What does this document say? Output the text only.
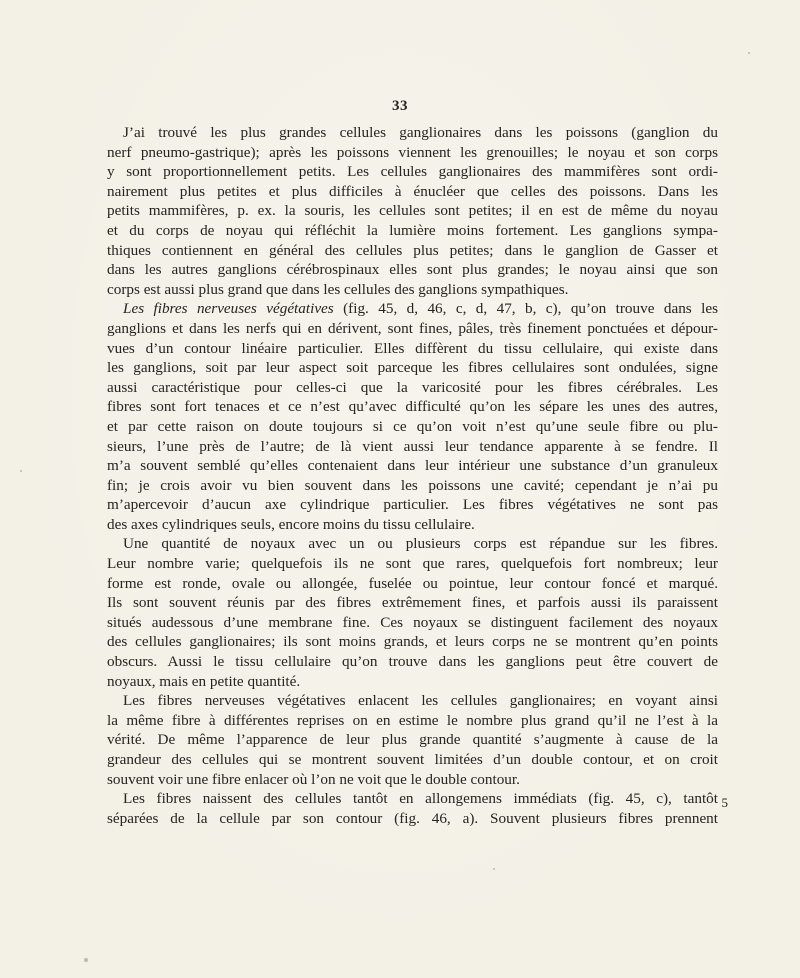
33
J’ai trouvé les plus grandes cellules ganglionaires dans les poissons (ganglion du
nerf pneumo-gastrique); après les poissons viennent les grenouilles; le noyau et son corps
y sont proportionnellement petits. Les cellules ganglionaires des mammifères sont ordi-
nairement plus petites et plus difficiles à énucléer que celles des poissons. Dans les
petits mammifères, p. ex. la souris, les cellules sont petites; il en est de même du noyau
et du corps de noyau qui réfléchit la lumière moins fortement. Les ganglions sympa-
thiques contiennent en général des cellules plus petites; dans le ganglion de Gasser et
dans les autres ganglions cérébrospinaux elles sont plus grandes; le noyau ainsi que son
corps est aussi plus grand que dans les cellules des ganglions sympathiques.
Les fibres nerveuses végétatives (fig. 45, d, 46, c, d, 47, b, c), qu’on trouve dans les
ganglions et dans les nerfs qui en dérivent, sont fines, pâles, très finement ponctuées et dépour-
vues d’un contour linéaire particulier. Elles diffèrent du tissu cellulaire, qui existe dans
les ganglions, soit par leur aspect soit parceque les fibres cellulaires sont ondulées, signe
aussi caractéristique pour celles-ci que la varicosité pour les fibres cérébrales. Les
fibres sont fort tenaces et ce n’est qu’avec difficulté qu’on les sépare les unes des autres,
et par cette raison on doute toujours si ce qu’on voit n’est qu’une seule fibre ou plu-
sieurs, l’une près de l’autre; de là vient aussi leur tendance apparente à se fendre. Il
m’a souvent semblé qu’elles contenaient dans leur intérieur une substance d’un granuleux
fin; je crois avoir vu bien souvent dans les poissons une cavité; cependant je n’ai pu
m’apercevoir d’aucun axe cylindrique particulier. Les fibres végétatives ne sont pas
des axes cylindriques seuls, encore moins du tissu cellulaire.
Une quantité de noyaux avec un ou plusieurs corps est répandue sur les fibres.
Leur nombre varie; quelquefois ils ne sont que rares, quelquefois fort nombreux; leur
forme est ronde, ovale ou allongée, fuselée ou pointue, leur contour foncé et marqué.
Ils sont souvent réunis par des fibres extrêmement fines, et parfois aussi ils paraissent
situés audessous d’une membrane fine. Ces noyaux se distinguent facilement des noyaux
des cellules ganglionaires; ils sont moins grands, et leurs corps ne se montrent qu’en points
obscurs. Aussi le tissu cellulaire qu’on trouve dans les ganglions peut être couvert de
noyaux, mais en petite quantité.
Les fibres nerveuses végétatives enlacent les cellules ganglionaires; en voyant ainsi
la même fibre à différentes reprises on en estime le nombre plus grand qu’il ne l’est à la
vérité. De même l’apparence de leur plus grande quantité s’augmente à cause de la
grandeur des cellules qui se montrent souvent limitées d’un double contour, et on croit
souvent voir une fibre enlacer où l’on ne voit que le double contour.
Les fibres naissent des cellules tantôt en allongemens immédiats (fig. 45, c), tantôt
séparées de la cellule par son contour (fig. 46, a). Souvent plusieurs fibres prennent
5
